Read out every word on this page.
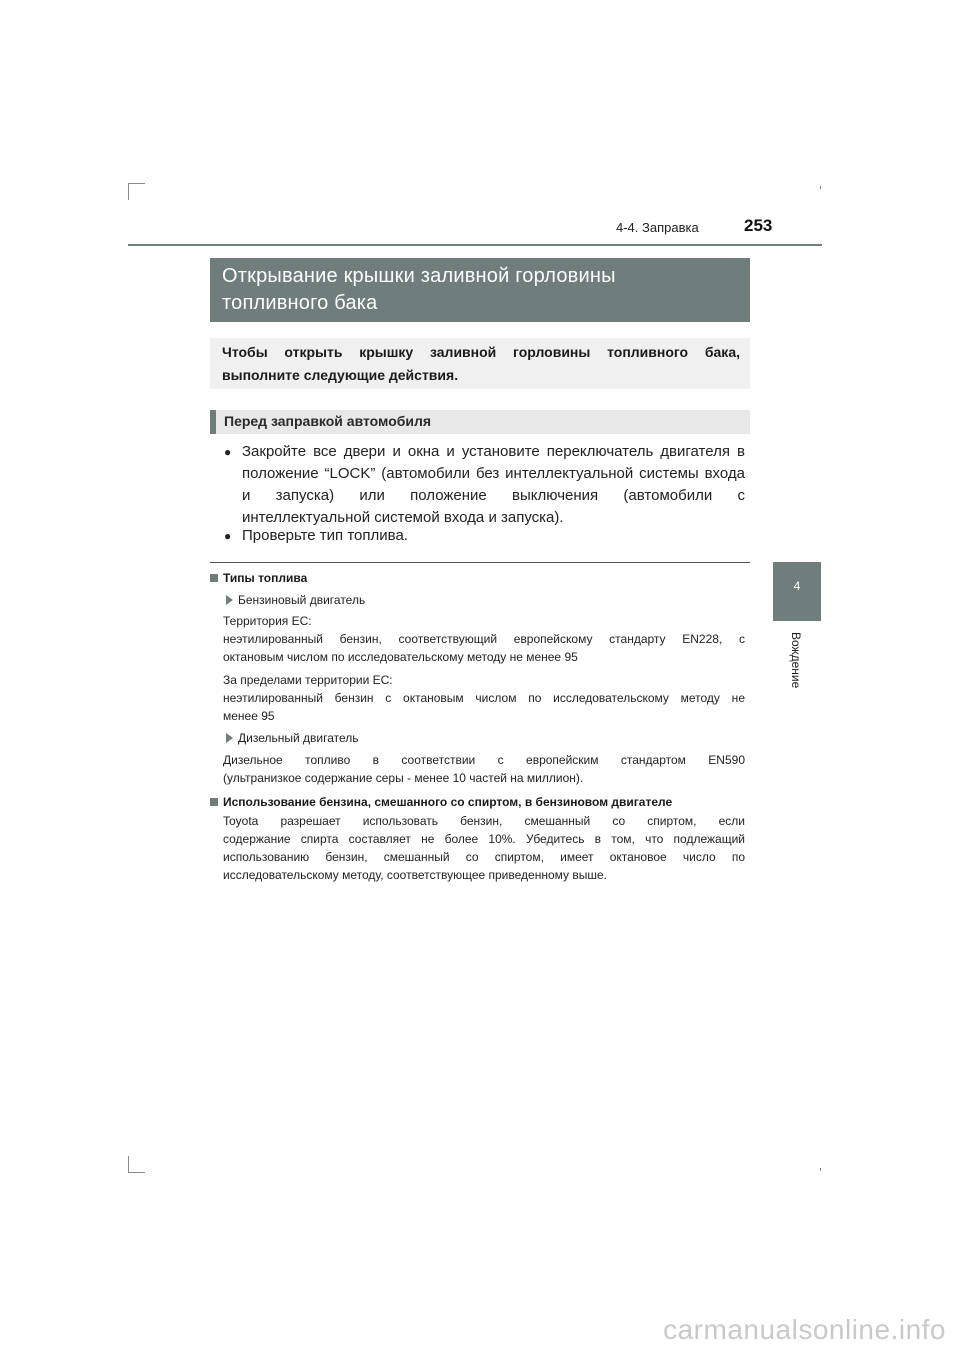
4-4. Заправка	253
4
Вождение
Открывание крышки заливной горловины
топливного бака
Чтобы открыть крышку заливной горловины топливного бака,
выполните следующие действия.
Перед заправкой автомобиля
● Закройте все двери и окна и установите переключатель двигателя в
положение “LOCK” (автомобили без интеллектуальной системы входа
и запуска) или положение выключения (автомобили с
интеллектуальной системой входа и запуска).
● Проверьте тип топлива.
Типы топлива
Бензиновый двигатель
Территория ЕС:
неэтилированный бензин, соответствующий европейскому стандарту EN228, с
октановым числом по исследовательскому методу не менее 95
За пределами территории ЕС:
неэтилированный бензин с октановым числом по исследовательскому методу не
менее 95
Дизельный двигатель
Дизельное топливо в соответствии с европейским стандартом EN590
(ультранизкое содержание серы - менее 10 частей на миллион).
Использование бензина, смешанного со спиртом, в бензиновом двигателе
Toyota разрешает использовать бензин, смешанный со спиртом, если
содержание спирта составляет не более 10%. Убедитесь в том, что подлежащий
использованию бензин, смешанный со спиртом, имеет октановое число по
исследовательскому методу, соответствующее приведенному выше.
carmanualsonline.info
